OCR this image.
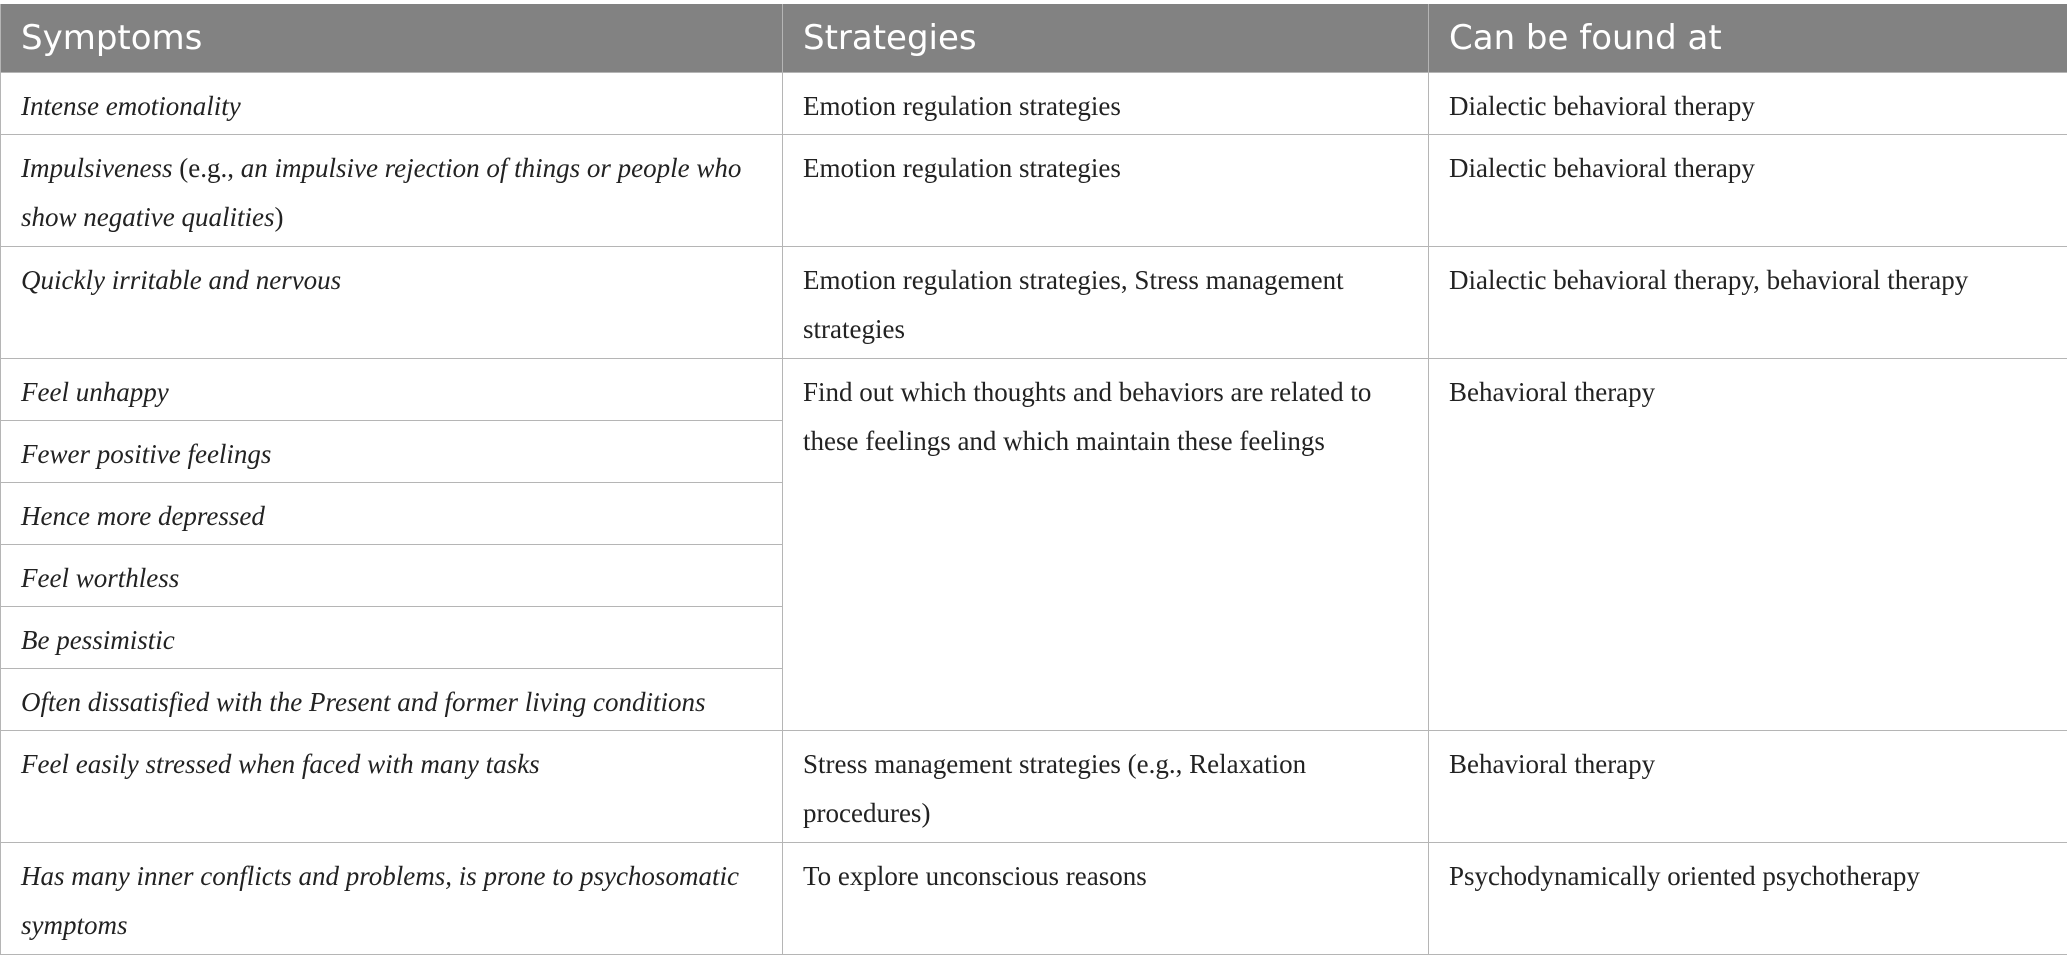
Symptoms	Strategies	Can be found at
Intense emotionality	Emotion regulation strategies	Dialectic behavioral therapy
Impulsiveness (e.g., an impulsive rejection of things or people who show negative qualities)	Emotion regulation strategies	Dialectic behavioral therapy
Quickly irritable and nervous	Emotion regulation strategies, Stress management strategies	Dialectic behavioral therapy, behavioral therapy
Feel unhappy	Find out which thoughts and behaviors are related to these feelings and which maintain these feelings	Behavioral therapy
Fewer positive feelings		
Hence more depressed		
Feel worthless		
Be pessimistic		
Often dissatisfied with the Present and former living conditions		
Feel easily stressed when faced with many tasks	Stress management strategies (e.g., Relaxation procedures)	Behavioral therapy
Has many inner conflicts and problems, is prone to psychosomatic symptoms	To explore unconscious reasons	Psychodynamically oriented psychotherapy
